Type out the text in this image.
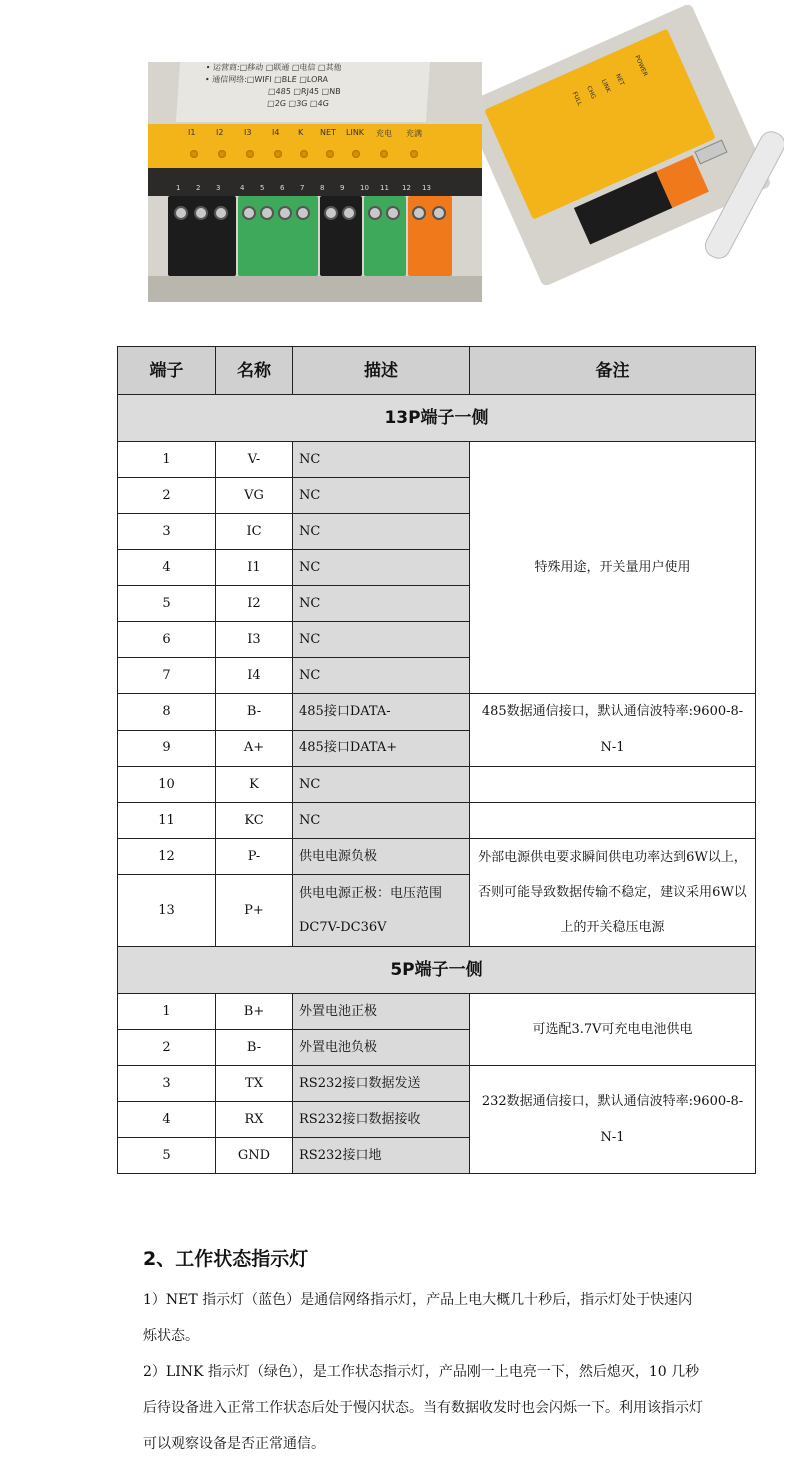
• 运营商:□移动 □联通 □电信 □其他
• 通信网络:□WIFI □BLE □LORA
□485 □RJ45 □NB
□2G □3G □4G
I1	I2	I3	I4 K NET LINK 充电 充满
1 2 3	4 5 6 7 8 9 10 11 12 13
POWER
NET
LINK
CHG
FULL
端子	名称	描述	备注
13P端子一侧			
1	V-	NC	特殊用途，开关量用户使用
2	VG	NC	
3	IC	NC	
4	I1	NC	
5	I2	NC	
6	I3	NC	
7	I4	NC	
8	B-	485接口DATA-	485数据通信接口，默认通信波特率:9600-8-N-1
9	A+	485接口DATA+	
10	K	NC	
11	KC	NC	
12	P-	供电电源负极	外部电源供电要求瞬间供电功率达到6W以上，否则可能导致数据传输不稳定，建议采用6W以上的开关稳压电源
13	P+	供电电源正极：电压范围DC7V-DC36V	
5P端子一侧			
1	B+	外置电池正极	可选配3.7V可充电电池供电
2	B-	外置电池负极	
3	TX	RS232接口数据发送	232数据通信接口，默认通信波特率:9600-8-N-1
4	RX	RS232接口数据接收	
5	GND	RS232接口地	
2、工作状态指示灯

1）NET 指示灯（蓝色）是通信网络指示灯，产品上电大概几十秒后，指示灯处于快速闪烁状态。

2）LINK 指示灯（绿色），是工作状态指示灯，产品刚一上电亮一下，然后熄灭，10 几秒后待设备进入正常工作状态后处于慢闪状态。当有数据收发时也会闪烁一下。利用该指示灯可以观察设备是否正常通信。
